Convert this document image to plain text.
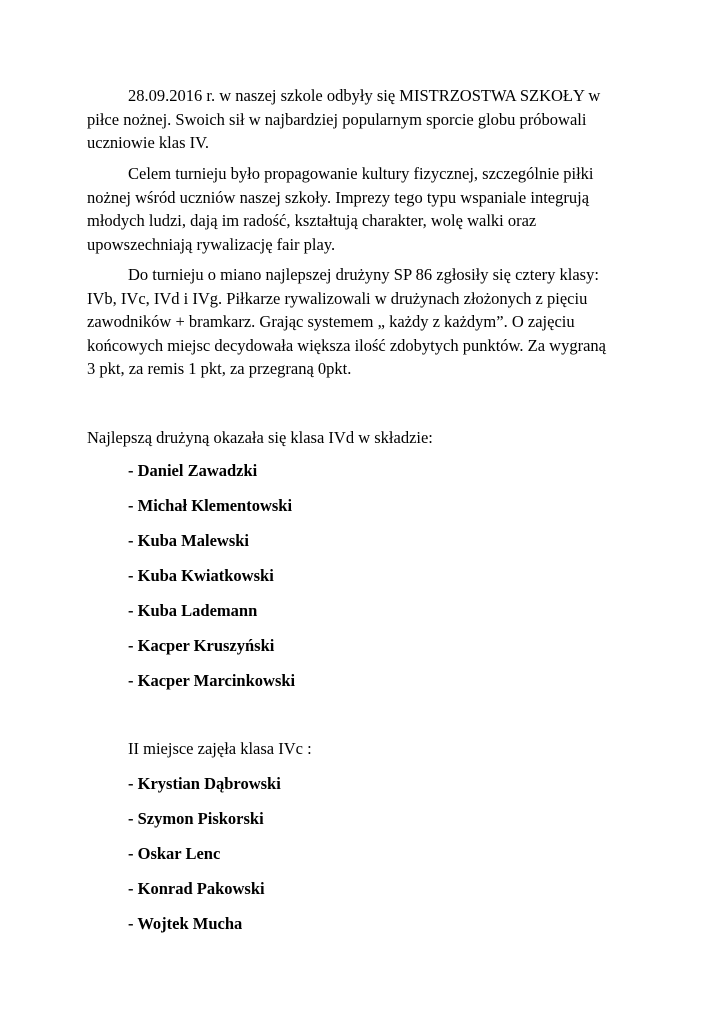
28.09.2016 r. w naszej szkole odbyły się MISTRZOSTWA SZKOŁY w
piłce nożnej. Swoich sił w najbardziej popularnym sporcie globu próbowali
uczniowie klas IV.

Celem turnieju było propagowanie kultury fizycznej, szczególnie piłki
nożnej wśród uczniów naszej szkoły. Imprezy tego typu wspaniale integrują
młodych ludzi, dają im radość, kształtują charakter, wolę walki oraz
upowszechniają rywalizację fair play.

Do turnieju o miano najlepszej drużyny SP 86 zgłosiły się cztery klasy:
IVb, IVc, IVd i IVg. Piłkarze rywalizowali w drużynach złożonych z pięciu
zawodników + bramkarz. Grając systemem „ każdy z każdym”. O zajęciu
końcowych miejsc decydowała większa ilość zdobytych punktów. Za wygraną
3 pkt, za remis 1 pkt, za przegraną 0pkt.

Najlepszą drużyną okazała się klasa IVd w składzie:

- Daniel Zawadzki
- Michał Klementowski
- Kuba Malewski
- Kuba Kwiatkowski
- Kuba Lademann
- Kacper Kruszyński
- Kacper Marcinkowski

II miejsce zajęła klasa IVc :

- Krystian Dąbrowski
- Szymon Piskorski
- Oskar Lenc
- Konrad Pakowski
- Wojtek Mucha
